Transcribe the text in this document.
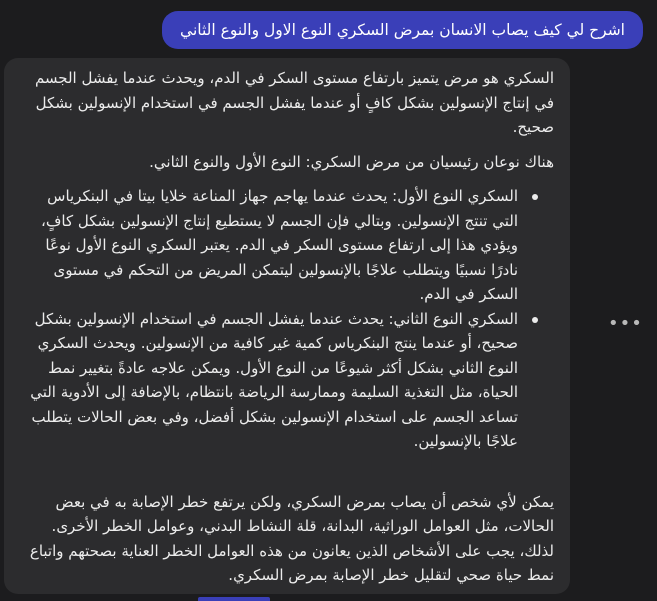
اشرح لي كيف يصاب الانسان بمرض السكري النوع الاول والنوع الثاني

السكري هو مرض يتميز بارتفاع مستوى السكر في الدم، ويحدث عندما يفشل الجسم في إنتاج الإنسولين بشكل كافٍ أو عندما يفشل الجسم في استخدام الإنسولين بشكل صحيح.

هناك نوعان رئيسيان من مرض السكري: النوع الأول والنوع الثاني.

السكري النوع الأول: يحدث عندما يهاجم جهاز المناعة خلايا بيتا في البنكرياس التي تنتج الإنسولين. وبتالي فإن الجسم لا يستطيع إنتاج الإنسولين بشكل كافٍ، ويؤدي هذا إلى ارتفاع مستوى السكر في الدم. يعتبر السكري النوع الأول نوعًا نادرًا نسبيًا ويتطلب علاجًا بالإنسولين ليتمكن المريض من التحكم في مستوى السكر في الدم.
السكري النوع الثاني: يحدث عندما يفشل الجسم في استخدام الإنسولين بشكل صحيح، أو عندما ينتج البنكرياس كمية غير كافية من الإنسولين. ويحدث السكري النوع الثاني بشكل أكثر شيوعًا من النوع الأول. ويمكن علاجه عادةً بتغيير نمط الحياة، مثل التغذية السليمة وممارسة الرياضة بانتظام، بالإضافة إلى الأدوية التي تساعد الجسم على استخدام الإنسولين بشكل أفضل، وفي بعض الحالات يتطلب علاجًا بالإنسولين.

يمكن لأي شخص أن يصاب بمرض السكري، ولكن يرتفع خطر الإصابة به في بعض الحالات، مثل العوامل الوراثية، البدانة، قلة النشاط البدني، وعوامل الخطر الأخرى. لذلك، يجب على الأشخاص الذين يعانون من هذه العوامل الخطر العناية بصحتهم واتباع نمط حياة صحي لتقليل خطر الإصابة بمرض السكري.

•••
